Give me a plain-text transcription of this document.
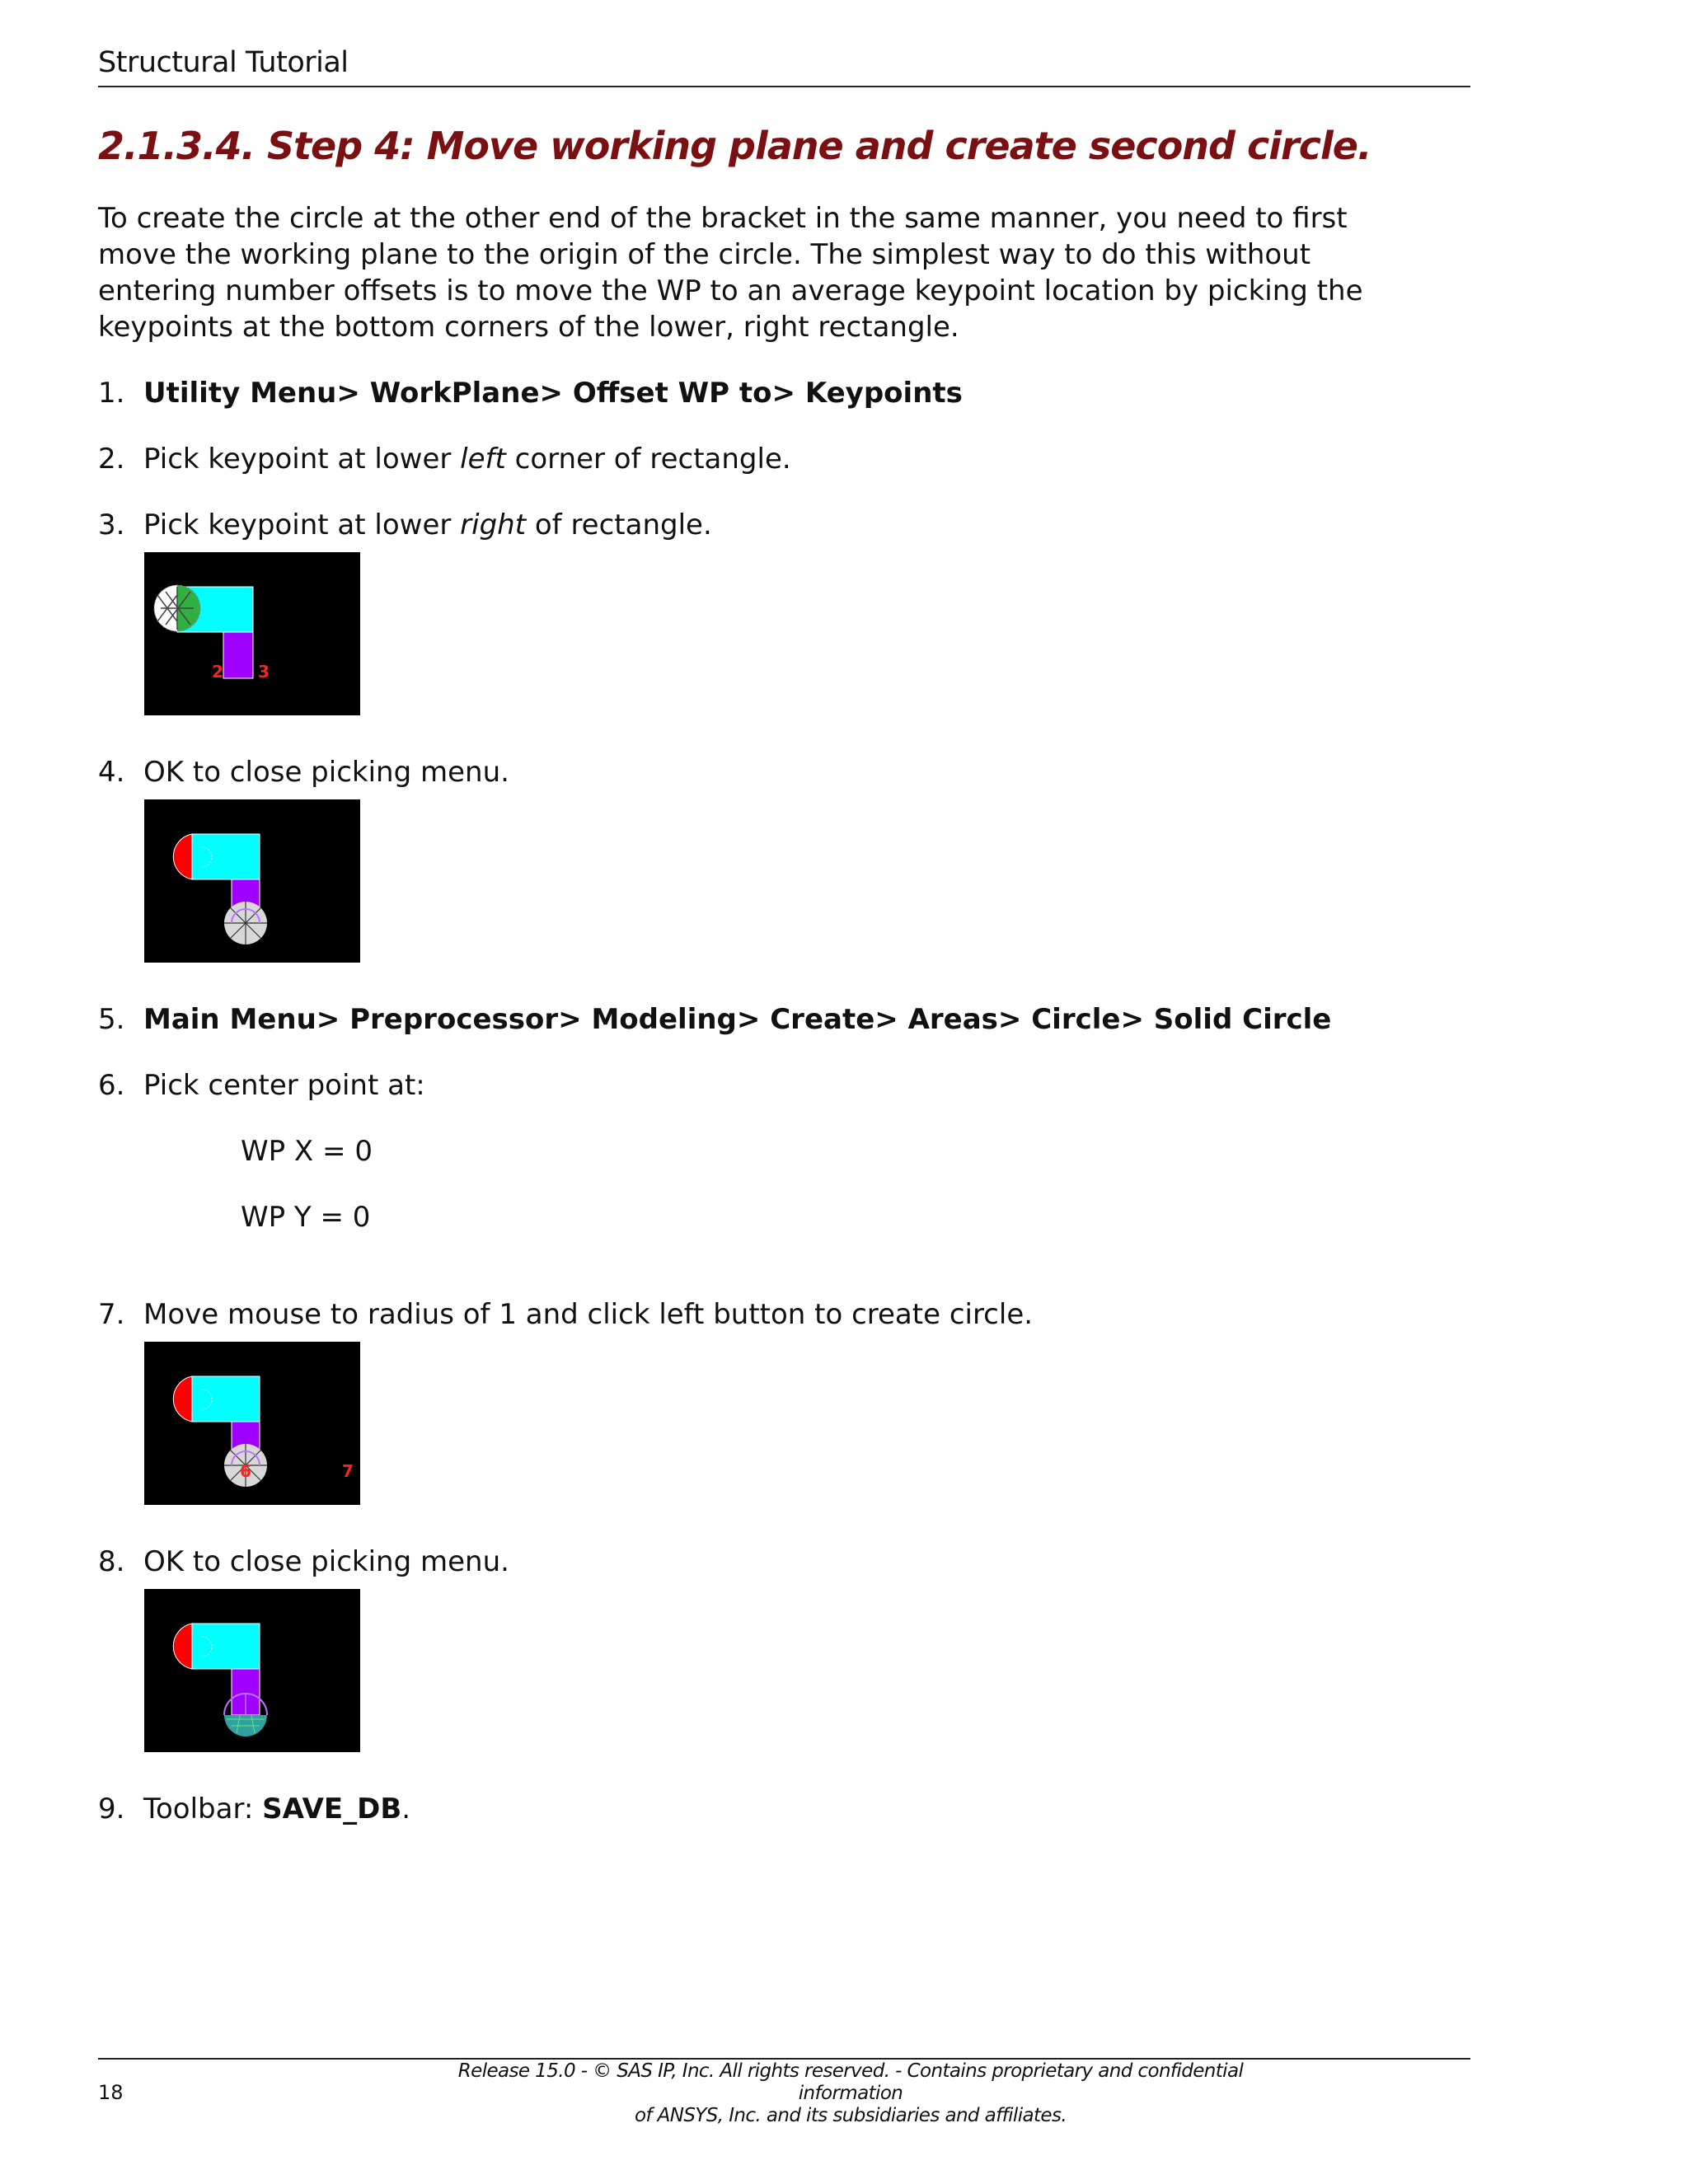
Structural Tutorial
2.1.3.4. Step 4: Move working plane and create second circle.

To create the circle at the other end of the bracket in the same manner, you need to first move the working plane to the origin of the circle. The simplest way to do this without entering number offsets is to move the WP to an average keypoint location by picking the keypoints at the bottom corners of the lower, right rectangle.

1. Utility Menu> WorkPlane> Offset WP to> Keypoints
2. Pick keypoint at lower left corner of rectangle.
3. Pick keypoint at lower right of rectangle.
2 3
4. OK to close picking menu.
5. Main Menu> Preprocessor> Modeling> Create> Areas> Circle> Solid Circle
6. Pick center point at:
WP X = 0
WP Y = 0
7. Move mouse to radius of 1 and click left button to create circle.
6	7
8. OK to close picking menu.
9. Toolbar: SAVE_DB.
18
Release 15.0 - © SAS IP, Inc. All rights reserved. - Contains proprietary and confidential information
of ANSYS, Inc. and its subsidiaries and affiliates.
